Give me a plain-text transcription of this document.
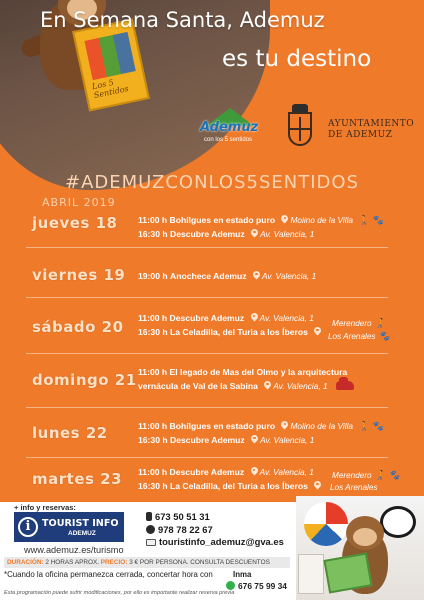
Los 5 Sentidos
En Semana Santa, Ademuz
es tu destino
Ademuz
con los 5 sentidos
AYUNTAMIENTO
DE ADEMUZ
#ADEMUZCONLOS5SENTIDOS
ABRIL 2019
jueves 18 11:00 h Bohílgues en estado puro Molino de la Villa 🚶 🐾
16:30 h Descubre Ademuz Av. Valencia, 1
viernes 19 19:00 h Anochece Ademuz Av. Valencia, 1
sábado 20 11:00 h Descubre Ademuz Av. Valencia, 1
16:30 h La Celadilla, del Turia a los Íberos
Merendero 🚶
Los Arenales 🐾
domingo 21 11:00 h El legado de Mas del Olmo y la arquitectura
vernácula de Val de la Sabina Av. Valencia, 1
lunes 22	11:00 h Bohílgues en estado puro Molino de la Villa 🚶 🐾
16:30 h Descubre Ademuz Av. Valencia, 1
martes 23 11:00 h Descubre Ademuz Av. Valencia, 1
16:30 h La Celadilla, del Turia a los Íberos
Merendero 🚶 🐾
Los Arenales
+ info y reservas:
i	TOURIST INFO
ADEMUZ
673 50 51 31
978 78 22 67
touristinfo_ademuz@gva.es
www.ademuz.es/turismo
DURACIÓN: 2 HORAS APROX. PRECIO: 3 € POR PERSONA. CONSULTA DESCUENTOS
*Cuando la oficina permanezca cerrada, concertar hora con	Inma
676 75 99 34
Esta programación puede sufrir modificaciones, por ello es importante realizar reserva previa
